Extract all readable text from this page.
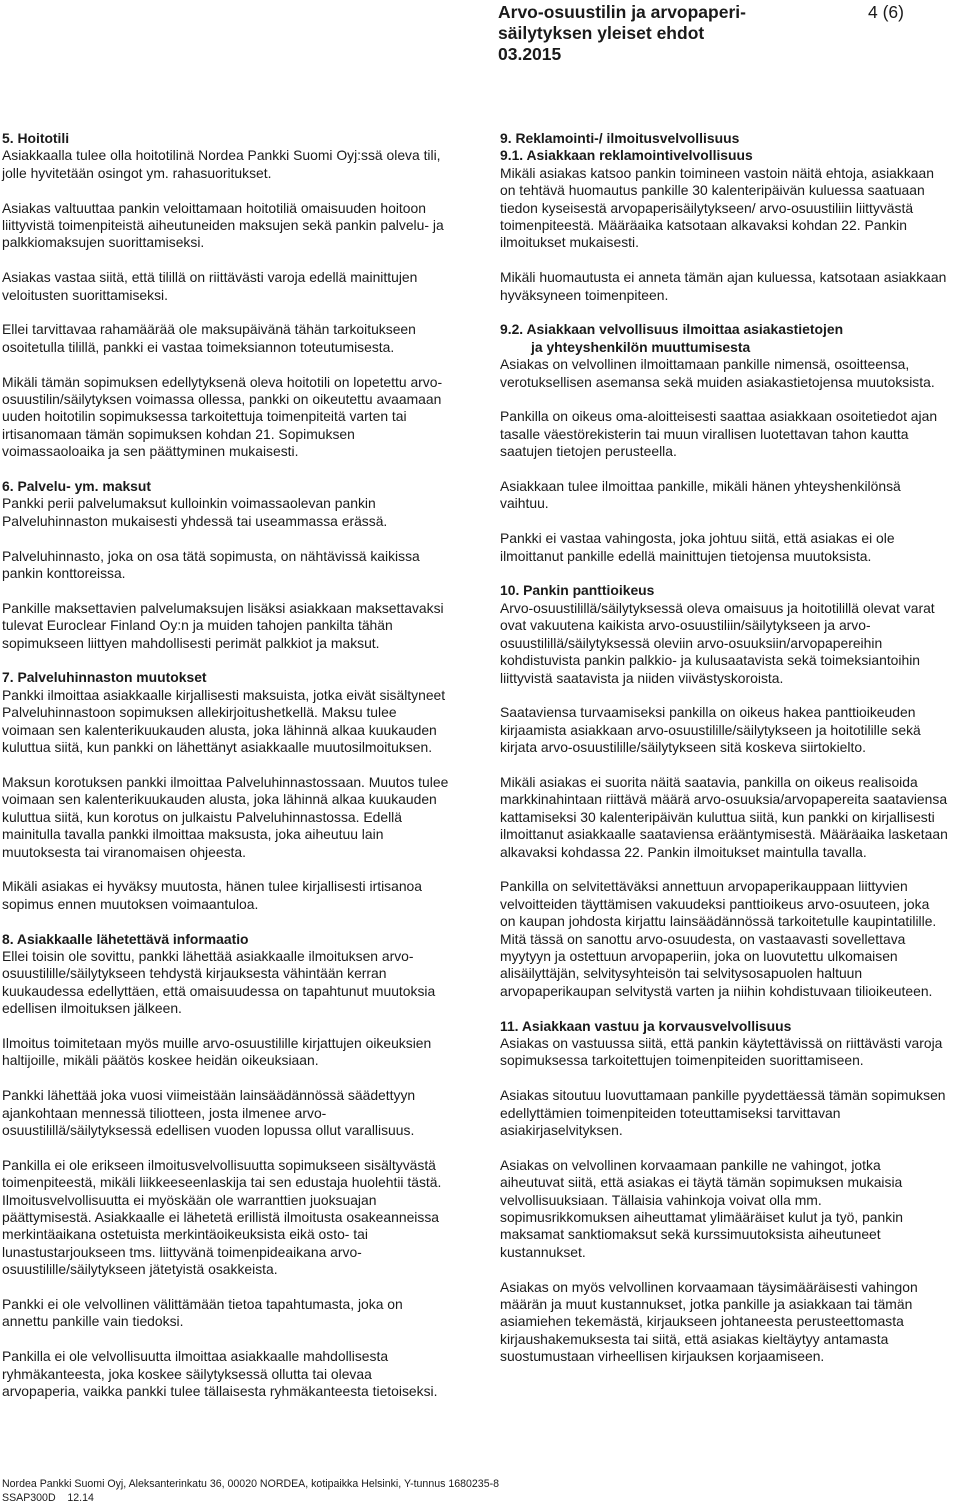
Arvo-osuustilin ja arvopaperi-
säilytyksen yleiset ehdot
03.2015
4 (6)

5. Hoitotili
Asiakkaalla tulee olla hoitotilinä Nordea Pankki Suomi Oyj:ssä oleva tili, jolle hyvitetään osingot ym. rahasuoritukset.

Asiakas valtuuttaa pankin veloittamaan hoitotiliä omaisuuden hoitoon liittyvistä toimenpiteistä aiheutuneiden maksujen sekä pankin palvelu- ja palkkiomaksujen suorittamiseksi.

Asiakas vastaa siitä, että tilillä on riittävästi varoja edellä mainittujen veloitusten suorittamiseksi.

Ellei tarvittavaa rahamäärää ole maksupäivänä tähän tarkoitukseen osoitetulla tilillä, pankki ei vastaa toimeksiannon toteutumisesta.

Mikäli tämän sopimuksen edellytyksenä oleva hoitotili on lopetettu arvo-osuustilin/säilytyksen voimassa ollessa, pankki on oikeutettu avaamaan uuden hoitotilin sopimuksessa tarkoitettuja toimenpiteitä varten tai irtisanomaan tämän sopimuksen kohdan 21. Sopimuksen voimassaoloaika ja sen päättyminen mukaisesti.

6. Palvelu- ym. maksut
Pankki perii palvelumaksut kulloinkin voimassaolevan pankin Palveluhinnaston mukaisesti yhdessä tai useammassa erässä.

Palveluhinnasto, joka on osa tätä sopimusta, on nähtävissä kaikissa pankin konttoreissa.

Pankille maksettavien palvelumaksujen lisäksi asiakkaan maksettavaksi tulevat Euroclear Finland Oy:n ja muiden tahojen pankilta tähän sopimukseen liittyen mahdollisesti perimät palkkiot ja maksut.

7. Palveluhinnaston muutokset
Pankki ilmoittaa asiakkaalle kirjallisesti maksuista, jotka eivät sisältyneet Palveluhinnastoon sopimuksen allekirjoitushetkellä. Maksu tulee voimaan sen kalenterikuukauden alusta, joka lähinnä alkaa kuukauden kuluttua siitä, kun pankki on lähettänyt asiakkaalle muutosilmoituksen.

Maksun korotuksen pankki ilmoittaa Palveluhinnastossaan. Muutos tulee voimaan sen kalenterikuukauden alusta, joka lähinnä alkaa kuukauden kuluttua siitä, kun korotus on julkaistu Palveluhinnastossa. Edellä mainitulla tavalla pankki ilmoittaa maksusta, joka aiheutuu lain muutoksesta tai viranomaisen ohjeesta.

Mikäli asiakas ei hyväksy muutosta, hänen tulee kirjallisesti irtisanoa sopimus ennen muutoksen voimaantuloa.

8. Asiakkaalle lähetettävä informaatio
Ellei toisin ole sovittu, pankki lähettää asiakkaalle ilmoituksen arvo-osuustilille/säilytykseen tehdystä kirjauksesta vähintään kerran kuukaudessa edellyttäen, että omaisuudessa on tapahtunut muutoksia edellisen ilmoituksen jälkeen.

Ilmoitus toimitetaan myös muille arvo-osuustilille kirjattujen oikeuksien haltijoille, mikäli päätös koskee heidän oikeuksiaan.

Pankki lähettää joka vuosi viimeistään lainsäädännössä säädettyyn ajankohtaan mennessä tiliotteen, josta ilmenee arvo-osuustilillä/säilytyksessä edellisen vuoden lopussa ollut varallisuus.

Pankilla ei ole erikseen ilmoitusvelvollisuutta sopimukseen sisältyvästä toimenpiteestä, mikäli liikkeeseenlaskija tai sen edustaja huolehtii tästä. Ilmoitusvelvollisuutta ei myöskään ole warranttien juoksuajan päättymisestä. Asiakkaalle ei lähetetä erillistä ilmoitusta osakeanneissa merkintäaikana ostetuista merkintäoikeuksista eikä osto- tai lunastustarjoukseen tms. liittyvänä toimenpideaikana arvo-osuustilille/säilytykseen jätetyistä osakkeista.

Pankki ei ole velvollinen välittämään tietoa tapahtumasta, joka on annettu pankille vain tiedoksi.

Pankilla ei ole velvollisuutta ilmoittaa asiakkaalle mahdollisesta ryhmäkanteesta, joka koskee säilytyksessä ollutta tai olevaa arvopaperia, vaikka pankki tulee tällaisesta ryhmäkanteesta tietoiseksi.

9. Reklamointi-/ ilmoitusvelvollisuus
9.1. Asiakkaan reklamointivelvollisuus
Mikäli asiakas katsoo pankin toimineen vastoin näitä ehtoja, asiakkaan on tehtävä huomautus pankille 30 kalenteripäivän kuluessa saatuaan tiedon kyseisestä arvopaperisäilytykseen/ arvo-osuustiliin liittyvästä toimenpiteestä. Määräaika katsotaan alkavaksi kohdan 22. Pankin ilmoitukset mukaisesti.

Mikäli huomautusta ei anneta tämän ajan kuluessa, katsotaan asiakkaan hyväksyneen toimenpiteen.

9.2. Asiakkaan velvollisuus ilmoittaa asiakastietojen
ja yhteyshenkilön muuttumisesta
Asiakas on velvollinen ilmoittamaan pankille nimensä, osoitteensa, verotuksellisen asemansa sekä muiden asiakastietojensa muutoksista.

Pankilla on oikeus oma-aloitteisesti saattaa asiakkaan osoitetiedot ajan tasalle väestörekisterin tai muun virallisen luotettavan tahon kautta saatujen tietojen perusteella.

Asiakkaan tulee ilmoittaa pankille, mikäli hänen yhteyshenkilönsä vaihtuu.

Pankki ei vastaa vahingosta, joka johtuu siitä, että asiakas ei ole ilmoittanut pankille edellä mainittujen tietojensa muutoksista.

10. Pankin panttioikeus
Arvo-osuustilillä/säilytyksessä oleva omaisuus ja hoitotilillä olevat varat ovat vakuutena kaikista arvo-osuustiliin/säilytykseen ja arvo-osuustilillä/säilytyksessä oleviin arvo-osuuksiin/arvopapereihin kohdistuvista pankin palkkio- ja kulusaatavista sekä toimeksiantoihin liittyvistä saatavista ja niiden viivästyskoroista.

Saataviensa turvaamiseksi pankilla on oikeus hakea panttioikeuden kirjaamista asiakkaan arvo-osuustilille/säilytykseen ja hoitotilille sekä kirjata arvo-osuustilille/säilytykseen sitä koskeva siirtokielto.

Mikäli asiakas ei suorita näitä saatavia, pankilla on oikeus realisoida markkinahintaan riittävä määrä arvo-osuuksia/arvopapereita saataviensa kattamiseksi 30 kalenteripäivän kuluttua siitä, kun pankki on kirjallisesti ilmoittanut asiakkaalle saataviensa erääntymisestä. Määräaika lasketaan alkavaksi kohdassa 22. Pankin ilmoitukset maintulla tavalla.

Pankilla on selvitettäväksi annettuun arvopaperikauppaan liittyvien velvoitteiden täyttämisen vakuudeksi panttioikeus arvo-osuuteen, joka on kaupan johdosta kirjattu lainsäädännössä tarkoitetulle kaupintatilille. Mitä tässä on sanottu arvo-osuudesta, on vastaavasti sovellettava myytyyn ja ostettuun arvopaperiin, joka on luovutettu ulkomaisen alisäilyttäjän, selvitysyhteisön tai selvitysosapuolen haltuun arvopaperikaupan selvitystä varten ja niihin kohdistuvaan tilioikeuteen.

11. Asiakkaan vastuu ja korvausvelvollisuus
Asiakas on vastuussa siitä, että pankin käytettävissä on riittävästi varoja sopimuksessa tarkoitettujen toimenpiteiden suorittamiseen.

Asiakas sitoutuu luovuttamaan pankille pyydettäessä tämän sopimuksen edellyttämien toimenpiteiden toteuttamiseksi tarvittavan asiakirjaselvityksen.

Asiakas on velvollinen korvaamaan pankille ne vahingot, jotka aiheutuvat siitä, että asiakas ei täytä tämän sopimuksen mukaisia velvollisuuksiaan. Tällaisia vahinkoja voivat olla mm. sopimusrikkomuksen aiheuttamat ylimääräiset kulut ja työ, pankin maksamat sanktiomaksut sekä kurssimuutoksista aiheutuneet kustannukset.

Asiakas on myös velvollinen korvaamaan täysimääräisesti vahingon määrän ja muut kustannukset, jotka pankille ja asiakkaan tai tämän asiamiehen tekemästä, kirjaukseen johtaneesta perusteettomasta kirjaushakemuksesta tai siitä, että asiakas kieltäytyy antamasta suostumustaan virheellisen kirjauksen korjaamiseen.

Nordea Pankki Suomi Oyj, Aleksanterinkatu 36, 00020 NORDEA, kotipaikka Helsinki, Y-tunnus 1680235-8
SSAP300D    12.14
